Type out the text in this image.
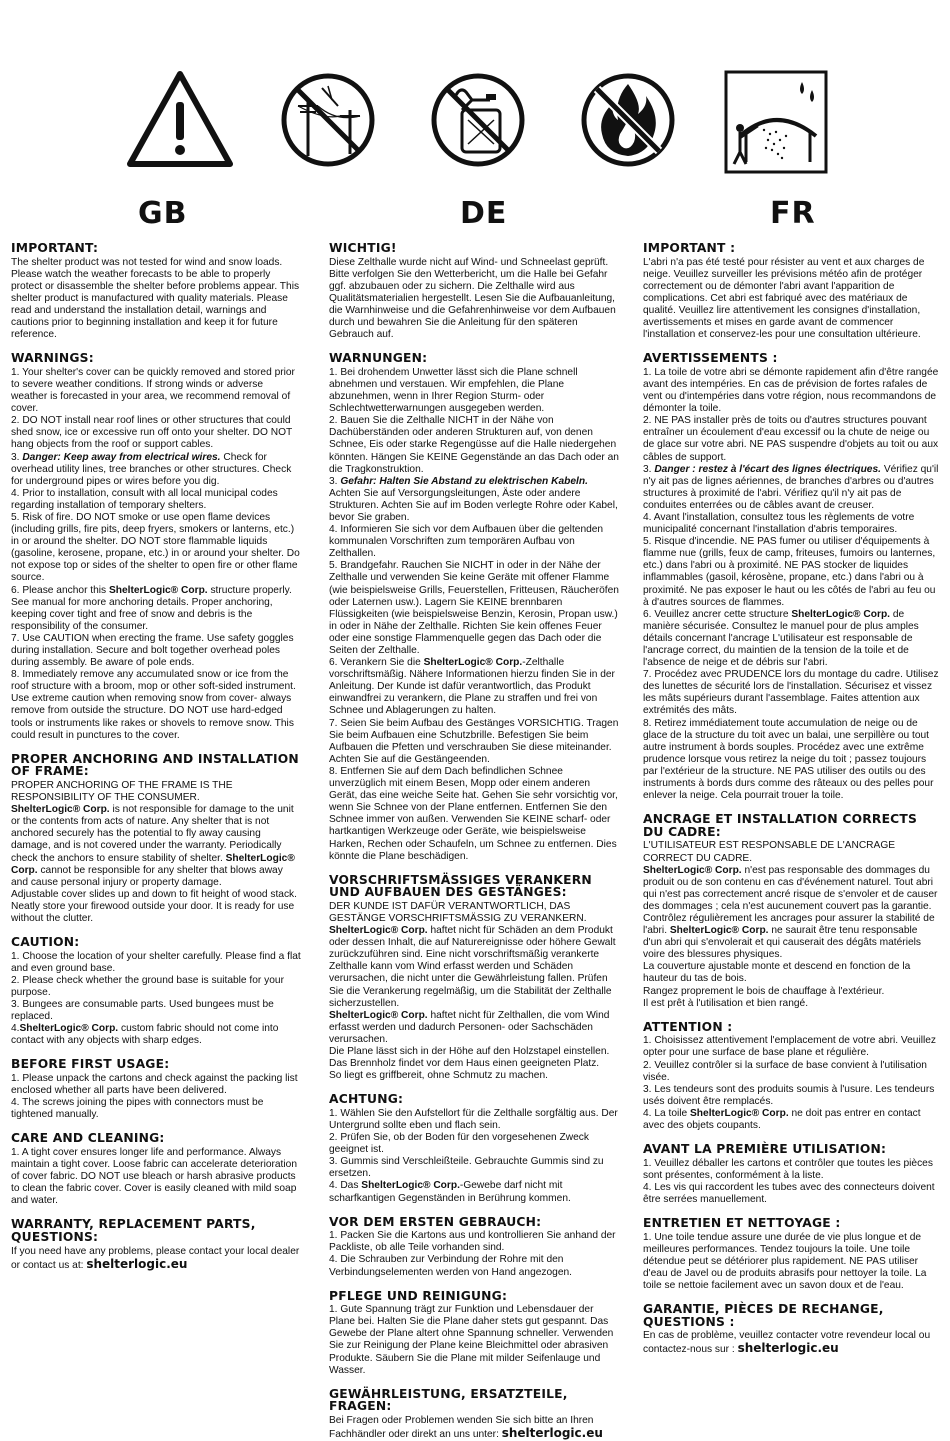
GB	DE	FR
IMPORTANT:

The shelter product was not tested for wind and snow loads.
Please watch the weather forecasts to be able to properly protect or disassemble the shelter before problems appear. This shelter product is manufactured with quality materials. Please read and understand the installation detail, warnings and cautions prior to beginning installation and keep it for future reference.

WARNINGS:

1. Your shelter's cover can be quickly removed and stored prior to severe weather conditions. If strong winds or adverse weather is forecasted in your area, we recommend removal of cover.
2. DO NOT install near roof lines or other structures that could shed snow, ice or excessive run off onto your shelter. DO NOT hang objects from the roof or support cables.
3. Danger: Keep away from electrical wires. Check for overhead utility lines, tree branches or other structures. Check for underground pipes or wires before you dig.
4. Prior to installation, consult with all local municipal codes regarding installation of temporary shelters.
5. Risk of fire. DO NOT smoke or use open flame devices (including grills, fire pits, deep fryers, smokers or lanterns, etc.) in or around the shelter. DO NOT store flammable liquids (gasoline, kerosene, propane, etc.) in or around your shelter. Do not expose top or sides of the shelter to open fire or other flame source.
6. Please anchor this ShelterLogic® Corp. structure properly. See manual for more anchoring details. Proper anchoring, keeping cover tight and free of snow and debris is the responsibility of the consumer.
7. Use CAUTION when erecting the frame. Use safety goggles during installation. Secure and bolt together overhead poles during assembly. Be aware of pole ends.
8. Immediately remove any accumulated snow or ice from the roof structure with a broom, mop or other soft-sided instrument. Use extreme caution when removing snow from cover- always remove from outside the structure. DO NOT use hard-edged tools or instruments like rakes or shovels to remove snow. This could result in punctures to the cover.

PROPER ANCHORING AND INSTALLATION OF FRAME:

PROPER ANCHORING OF THE FRAME IS THE RESPONSIBILITY OF THE CONSUMER.
ShelterLogic® Corp. is not responsible for damage to the unit or the contents from acts of nature. Any shelter that is not anchored securely has the potential to fly away causing damage, and is not covered under the warranty. Periodically check the anchors to ensure stability of shelter. ShelterLogic® Corp. cannot be responsible for any shelter that blows away and cause personal injury or property damage.
Adjustable cover slides up and down to fit height of wood stack.
Neatly store your firewood outside your door. It is ready for use without the clutter.

CAUTION:

1. Choose the location of your shelter carefully. Please find a flat and even ground base.
2. Please check whether the ground base is suitable for your purpose.
3. Bungees are consumable parts. Used bungees must be replaced.
4.ShelterLogic® Corp. custom fabric should not come into contact with any objects with sharp edges.

BEFORE FIRST USAGE:

1. Please unpack the cartons and check against the packing list enclosed whether all parts have been delivered.
4. The screws joining the pipes with connectors must be tightened manually.

CARE AND CLEANING:

1. A tight cover ensures longer life and performance. Always maintain a tight cover. Loose fabric can accelerate deterioration of cover fabric. DO NOT use bleach or harsh abrasive products to clean the fabric cover. Cover is easily cleaned with mild soap and water.

WARRANTY, REPLACEMENT PARTS, QUESTIONS:

If you need have any problems, please contact your local dealer or contact us at: shelterlogic.eu

WICHTIG!

Diese Zelthalle wurde nicht auf Wind- und Schneelast geprüft.
Bitte verfolgen Sie den Wetterbericht, um die Halle bei Gefahr ggf. abzubauen oder zu sichern. Die Zelthalle wird aus Qualitätsmaterialien hergestellt. Lesen Sie die Aufbauanleitung, die Warnhinweise und die Gefahrenhinweise vor dem Aufbauen durch und bewahren Sie die Anleitung für den späteren Gebrauch auf.

WARNUNGEN:

1. Bei drohendem Unwetter lässt sich die Plane schnell abnehmen und verstauen. Wir empfehlen, die Plane abzunehmen, wenn in Ihrer Region Sturm- oder Schlechtwetterwarnungen ausgegeben werden.
2. Bauen Sie die Zelthalle NICHT in der Nähe von Dachüberständen oder anderen Strukturen auf, von denen Schnee, Eis oder starke Regengüsse auf die Halle niedergehen könnten. Hängen Sie KEINE Gegenstände an das Dach oder an die Tragkonstruktion.
3. Gefahr: Halten Sie Abstand zu elektrischen Kabeln. Achten Sie auf Versorgungsleitungen, Äste oder andere Strukturen. Achten Sie auf im Boden verlegte Rohre oder Kabel, bevor Sie graben.
4. Informieren Sie sich vor dem Aufbauen über die geltenden kommunalen Vorschriften zum temporären Aufbau von Zelthallen.
5. Brandgefahr. Rauchen Sie NICHT in oder in der Nähe der Zelthalle und verwenden Sie keine Geräte mit offener Flamme (wie beispielsweise Grills, Feuerstellen, Fritteusen, Räucheröfen oder Laternen usw.). Lagern Sie KEINE brennbaren Flüssigkeiten (wie beispielsweise Benzin, Kerosin, Propan usw.) in oder in Nähe der Zelthalle. Richten Sie kein offenes Feuer oder eine sonstige Flammenquelle gegen das Dach oder die Seiten der Zelthalle.
6. Verankern Sie die ShelterLogic® Corp.-Zelthalle vorschriftsmäßig. Nähere Informationen hierzu finden Sie in der Anleitung. Der Kunde ist dafür verantwortlich, das Produkt einwandfrei zu verankern, die Plane zu straffen und frei von Schnee und Ablagerungen zu halten.
7. Seien Sie beim Aufbau des Gestänges VORSICHTIG. Tragen Sie beim Aufbauen eine Schutzbrille. Befestigen Sie beim Aufbauen die Pfetten und verschrauben Sie diese miteinander. Achten Sie auf die Gestängeenden.
8. Entfernen Sie auf dem Dach befindlichen Schnee unverzüglich mit einem Besen, Mopp oder einem anderen Gerät, das eine weiche Seite hat. Gehen Sie sehr vorsichtig vor, wenn Sie Schnee von der Plane entfernen. Entfernen Sie den Schnee immer von außen. Verwenden Sie KEINE scharf- oder hartkantigen Werkzeuge oder Geräte, wie beispielsweise Harken, Rechen oder Schaufeln, um Schnee zu entfernen. Dies könnte die Plane beschädigen.

VORSCHRIFTSMÄSSIGES VERANKERN UND AUFBAUEN DES GESTÄNGES:

DER KUNDE IST DAFÜR VERANTWORTLICH, DAS GESTÄNGE VORSCHRIFTSMÄSSIG ZU VERANKERN.
ShelterLogic® Corp. haftet nicht für Schäden an dem Produkt oder dessen Inhalt, die auf Naturereignisse oder höhere Gewalt zurückzuführen sind. Eine nicht vorschriftsmäßig verankerte Zelthalle kann vom Wind erfasst werden und Schäden verursachen, die nicht unter die Gewährleistung fallen. Prüfen Sie die Verankerung regelmäßig, um die Stabilität der Zelthalle sicherzustellen.
ShelterLogic® Corp. haftet nicht für Zelthallen, die vom Wind erfasst werden und dadurch Personen- oder Sachschäden verursachen.
Die Plane lässt sich in der Höhe auf den Holzstapel einstellen.
Das Brennholz findet vor dem Haus einen geeigneten Platz.
So liegt es griffbereit, ohne Schmutz zu machen.

ACHTUNG:

1. Wählen Sie den Aufstellort für die Zelthalle sorgfältig aus. Der Untergrund sollte eben und flach sein.
2. Prüfen Sie, ob der Boden für den vorgesehenen Zweck geeignet ist.
3. Gummis sind Verschleißteile. Gebrauchte Gummis sind zu ersetzen.
4. Das ShelterLogic® Corp.-Gewebe darf nicht mit scharfkantigen Gegenständen in Berührung kommen.

VOR DEM ERSTEN GEBRAUCH:

1. Packen Sie die Kartons aus und kontrollieren Sie anhand der Packliste, ob alle Teile vorhanden sind.
4. Die Schrauben zur Verbindung der Rohre mit den Verbindungselementen werden von Hand angezogen.

PFLEGE UND REINIGUNG:

1. Gute Spannung trägt zur Funktion und Lebensdauer der Plane bei. Halten Sie die Plane daher stets gut gespannt. Das Gewebe der Plane altert ohne Spannung schneller. Verwenden Sie zur Reinigung der Plane keine Bleichmittel oder abrasiven Produkte. Säubern Sie die Plane mit milder Seifenlauge und Wasser.

GEWÄHRLEISTUNG, ERSATZTEILE, FRAGEN:

Bei Fragen oder Problemen wenden Sie sich bitte an Ihren Fachhändler oder direkt an uns unter: shelterlogic.eu

IMPORTANT :

L'abri n'a pas été testé pour résister au vent et aux charges de neige. Veuillez surveiller les prévisions météo afin de protéger correctement ou de démonter l'abri avant l'apparition de complications. Cet abri est fabriqué avec des matériaux de qualité. Veuillez lire attentivement les consignes d'installation, avertissements et mises en garde avant de commencer l'installation et conservez-les pour une consultation ultérieure.

AVERTISSEMENTS :

1. La toile de votre abri se démonte rapidement afin d'être rangée avant des intempéries. En cas de prévision de fortes rafales de vent ou d'intempéries dans votre région, nous recommandons de démonter la toile.
2. NE PAS installer près de toits ou d'autres structures pouvant entraîner un écoulement d'eau excessif ou la chute de neige ou de glace sur votre abri. NE PAS suspendre d'objets au toit ou aux câbles de support.
3. Danger : restez à l'écart des lignes électriques. Vérifiez qu'il n'y ait pas de lignes aériennes, de branches d'arbres ou d'autres structures à proximité de l'abri. Vérifiez qu'il n'y ait pas de conduites enterrées ou de câbles avant de creuser.
4. Avant l'installation, consultez tous les règlements de votre municipalité concernant l'installation d'abris temporaires.
5. Risque d'incendie. NE PAS fumer ou utiliser d'équipements à flamme nue (grills, feux de camp, friteuses, fumoirs ou lanternes, etc.) dans l'abri ou à proximité. NE PAS stocker de liquides inflammables (gasoil, kérosène, propane, etc.) dans l'abri ou à proximité. Ne pas exposer le haut ou les côtés de l'abri au feu ou à d'autres sources de flammes.
6. Veuillez ancrer cette structure ShelterLogic® Corp. de manière sécurisée. Consultez le manuel pour de plus amples détails concernant l'ancrage L'utilisateur est responsable de l'ancrage correct, du maintien de la tension de la toile et de l'absence de neige et de débris sur l'abri.
7. Procédez avec PRUDENCE lors du montage du cadre. Utilisez des lunettes de sécurité lors de l'installation. Sécurisez et vissez les mâts supérieurs durant l'assemblage. Faites attention aux extrémités des mâts.
8. Retirez immédiatement toute accumulation de neige ou de glace de la structure du toit avec un balai, une serpillère ou tout autre instrument à bords souples. Procédez avec une extrême prudence lorsque vous retirez la neige du toit ; passez toujours par l'extérieur de la structure. NE PAS utiliser des outils ou des instruments à bords durs comme des râteaux ou des pelles pour enlever la neige. Cela pourrait trouer la toile.

ANCRAGE ET INSTALLATION CORRECTS DU CADRE:

L'UTILISATEUR EST RESPONSABLE DE L'ANCRAGE CORRECT DU CADRE.
ShelterLogic® Corp. n'est pas responsable des dommages du produit ou de son contenu en cas d'événement naturel. Tout abri qui n'est pas correctement ancré risque de s'envoler et de causer des dommages ; cela n'est aucunement couvert pas la garantie. Contrôlez régulièrement les ancrages pour assurer la stabilité de l'abri. ShelterLogic® Corp. ne saurait être tenu responsable d'un abri qui s'envolerait et qui causerait des dégâts matériels voire des blessures physiques.
La couverture ajustable monte et descend en fonction de la hauteur du tas de bois.
Rangez proprement le bois de chauffage à l'extérieur.
Il est prêt à l'utilisation et bien rangé.

ATTENTION :

1. Choisissez attentivement l'emplacement de votre abri. Veuillez opter pour une surface de base plane et régulière.
2. Veuillez contrôler si la surface de base convient à l'utilisation visée.
3. Les tendeurs sont des produits soumis à l'usure. Les tendeurs usés doivent être remplacés.
4. La toile ShelterLogic® Corp. ne doit pas entrer en contact avec des objets coupants.

AVANT LA PREMIÈRE UTILISATION:

1. Veuillez déballer les cartons et contrôler que toutes les pièces sont présentes, conformément à la liste.
4. Les vis qui raccordent les tubes avec des connecteurs doivent être serrées manuellement.

ENTRETIEN ET NETTOYAGE :

1. Une toile tendue assure une durée de vie plus longue et de meilleures performances. Tendez toujours la toile. Une toile détendue peut se détériorer plus rapidement. NE PAS utiliser d'eau de Javel ou de produits abrasifs pour nettoyer la toile. La toile se nettoie facilement avec un savon doux et de l'eau.

GARANTIE, PIÈCES DE RECHANGE, QUESTIONS :

En cas de problème, veuillez contacter votre revendeur local ou contactez-nous sur : shelterlogic.eu
